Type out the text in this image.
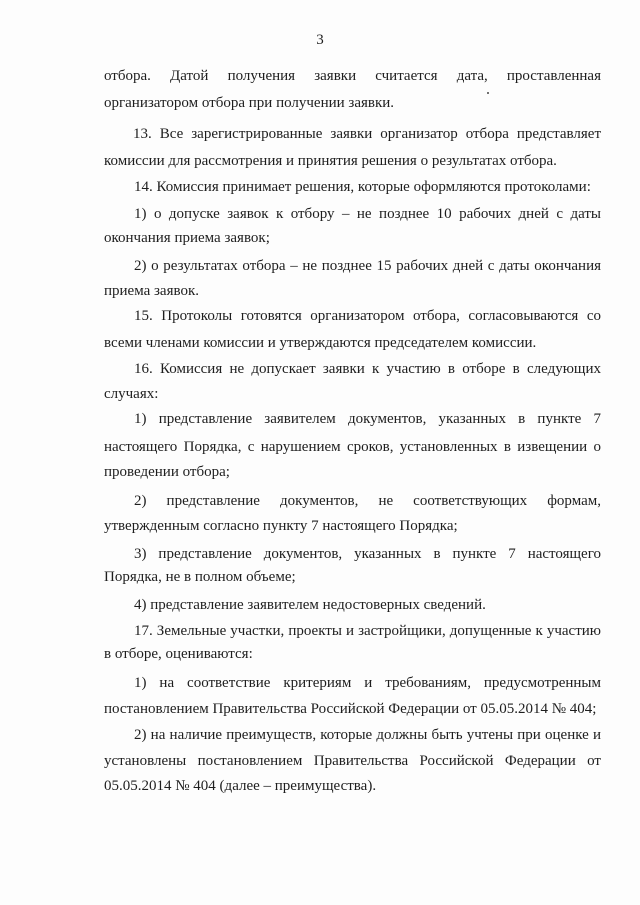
3
отбора. Датой получения заявки считается дата, проставленная
организатором отбора при получении заявки.
13. Все зарегистрированные заявки организатор отбора представляет
комиссии для рассмотрения и принятия решения о результатах отбора.
14. Комиссия принимает решения, которые оформляются протоколами:
1) о допуске заявок к отбору – не позднее 10 рабочих дней с даты
окончания приема заявок;
2) о результатах отбора – не позднее 15 рабочих дней с даты окончания
приема заявок.
15. Протоколы готовятся организатором отбора, согласовываются со
всеми членами комиссии и утверждаются председателем комиссии.
16. Комиссия не допускает заявки к участию в отборе в следующих
случаях:
1) представление заявителем документов, указанных в пункте 7
настоящего Порядка, с нарушением сроков, установленных в извещении о
проведении отбора;
2) представление документов, не соответствующих формам,
утвержденным согласно пункту 7 настоящего Порядка;
3) представление документов, указанных в пункте 7 настоящего
Порядка, не в полном объеме;
4) представление заявителем недостоверных сведений.
17. Земельные участки, проекты и застройщики, допущенные к участию
в отборе, оцениваются:
1) на соответствие критериям и требованиям, предусмотренным
постановлением Правительства Российской Федерации от 05.05.2014 № 404;
2) на наличие преимуществ, которые должны быть учтены при оценке и
установлены постановлением Правительства Российской Федерации от
05.05.2014 № 404 (далее – преимущества).
